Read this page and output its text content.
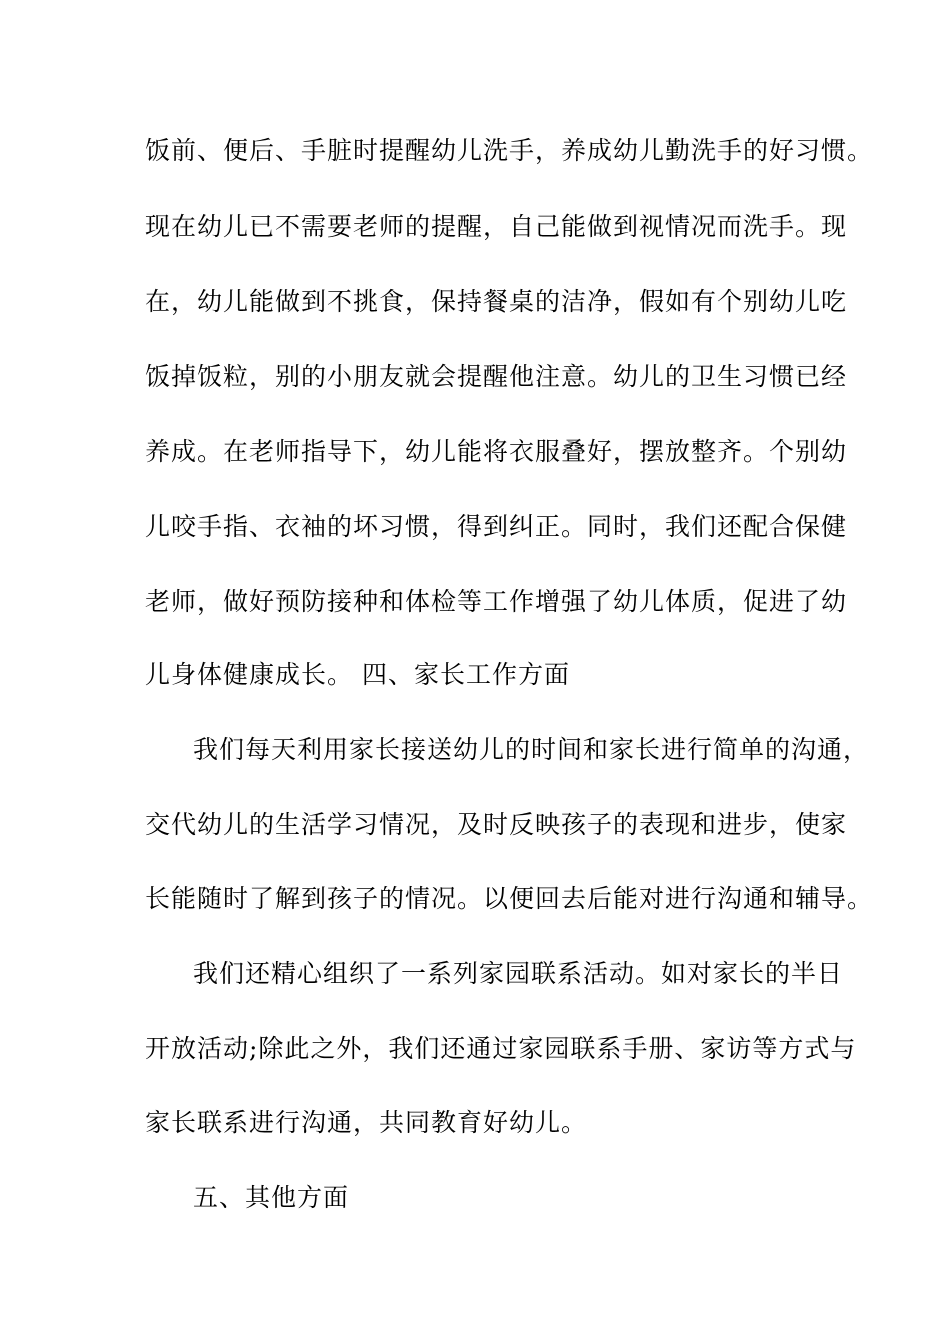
饭前、便后、手脏时提醒幼儿洗手，养成幼儿勤洗手的好习惯。
现在幼儿已不需要老师的提醒，自己能做到视情况而洗手。现
在，幼儿能做到不挑食，保持餐桌的洁净，假如有个别幼儿吃
饭掉饭粒，别的小朋友就会提醒他注意。幼儿的卫生习惯已经
养成。在老师指导下，幼儿能将衣服叠好，摆放整齐。个别幼
儿咬手指、衣袖的坏习惯，得到纠正。同时，我们还配合保健
老师，做好预防接种和体检等工作增强了幼儿体质，促进了幼
儿身体健康成长。 四、家长工作方面
我们每天利用家长接送幼儿的时间和家长进行简单的沟通，
交代幼儿的生活学习情况，及时反映孩子的表现和进步，使家
长能随时了解到孩子的情况。以便回去后能对进行沟通和辅导。
我们还精心组织了一系列家园联系活动。如对家长的半日
开放活动;除此之外，我们还通过家园联系手册、家访等方式与
家长联系进行沟通，共同教育好幼儿。
五、其他方面
